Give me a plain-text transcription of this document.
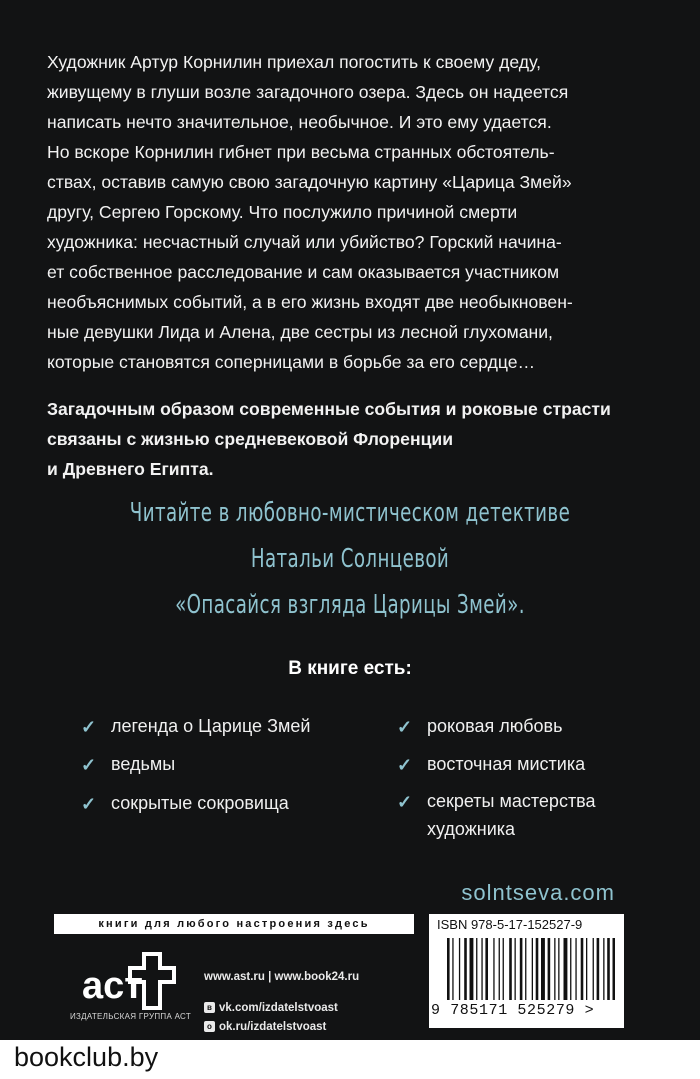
Художник Артур Корнилин приехал погостить к своему деду,
живущему в глуши возле загадочного озера. Здесь он надеется
написать нечто значительное, необычное. И это ему удается.
Но вскоре Корнилин гибнет при весьма странных обстоятель-
ствах, оставив самую свою загадочную картину «Царица Змей»
другу, Сергею Горскому. Что послужило причиной смерти
художника: несчастный случай или убийство? Горский начина-
ет собственное расследование и сам оказывается участником
необъяснимых событий, а в его жизнь входят две необыкновен-
ные девушки Лида и Алена, две сестры из лесной глухомани,
которые становятся соперницами в борьбе за его сердце…

Загадочным образом современные события и роковые страсти
связаны с жизнью средневековой Флоренции
и Древнего Египта.

Читайте в любовно-мистическом детективе

Натальи Солнцевой

«Опасайся взгляда Царицы Змей».

В книге есть:
✓ легенда о Царице Змей
✓ ведьмы
✓ сокрытые сокровища
✓ роковая любовь
✓ восточная мистика
✓ секреты мастерства
художника
solntseva.com
книги для любого настроения здесь
аст
ИЗДАТЕЛЬСКАЯ ГРУППА АСТ
www.ast.ru | www.book24.ru
в vk.com/izdatelstvoast
о ok.ru/izdatelstvoast
ISBN 978-5-17-152527-9
9 785171 525279 >
bookclub.by
